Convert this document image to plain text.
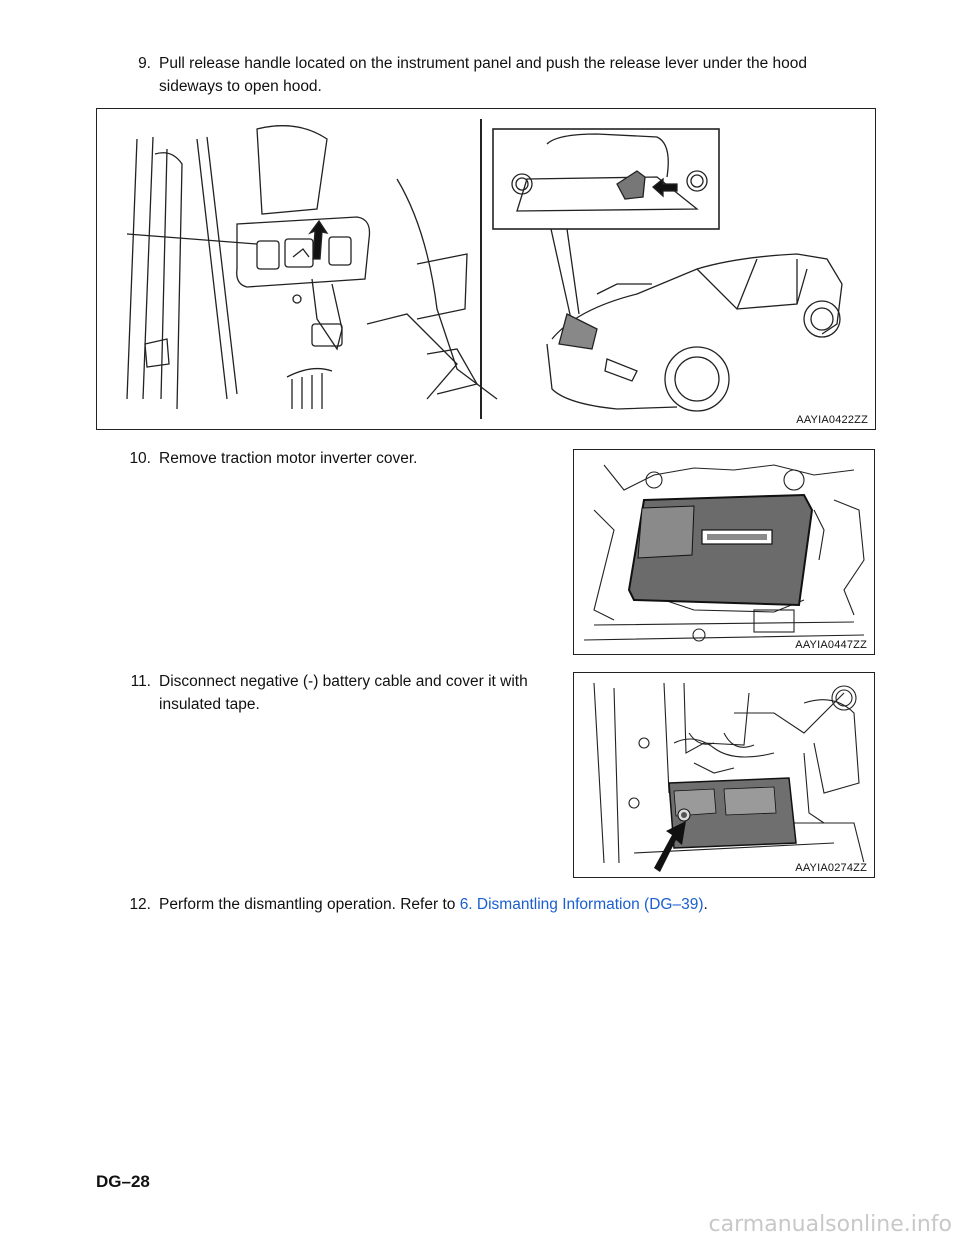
9. Pull release handle located on the instrument panel and push the release lever under the hood
sideways to open hood.
AAYIA0422ZZ
10. Remove traction motor inverter cover.
AAYIA0447ZZ
11. Disconnect negative (-) battery cable and cover it with
insulated tape.
AAYIA0274ZZ
12. Perform the dismantling operation. Refer to 6. Dismantling Information (DG–39).
DG–28
carmanualsonline.info
